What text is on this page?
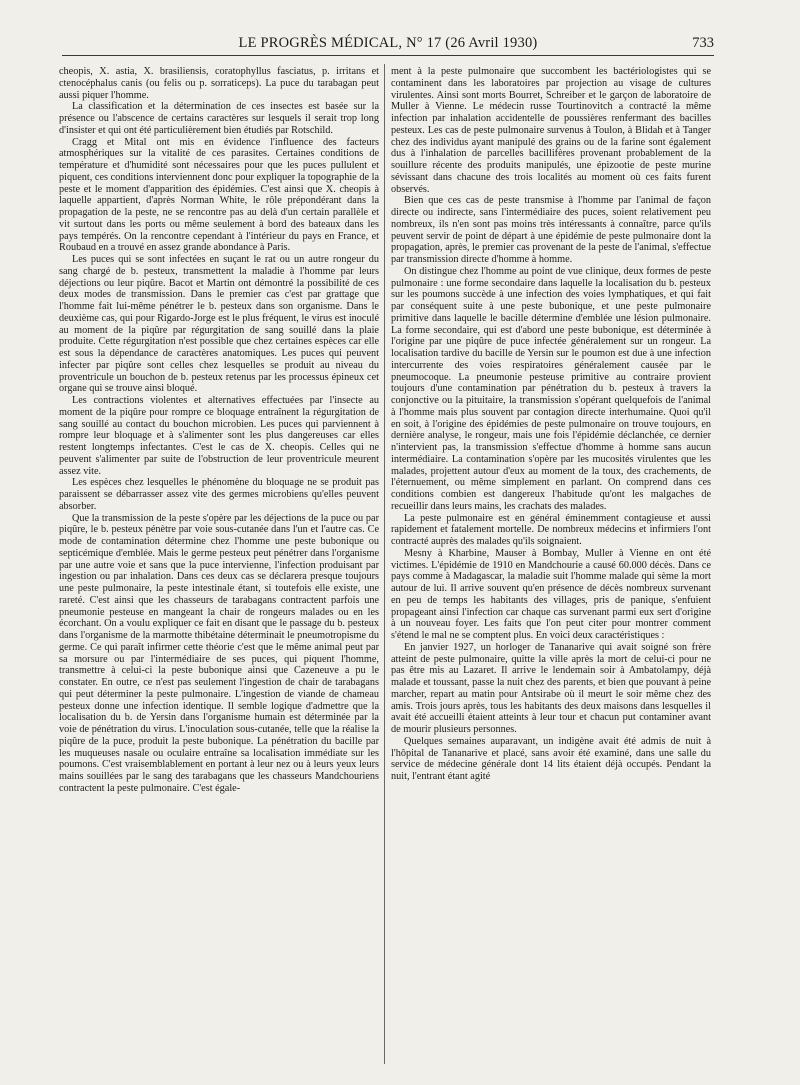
LE PROGRÈS MÉDICAL, N° 17 (26 Avril 1930)	733

cheopis, X. astia, X. brasiliensis, coratophyllus fasciatus, p. irritans et ctenocéphalus canis (ou felis ou p. sorraticeps). La puce du tarabagan peut aussi piquer l'homme.

La classification et la détermination de ces insectes est basée sur la présence ou l'abscence de certains caractères sur lesquels il serait trop long d'insister et qui ont été particulièrement bien étudiés par Rotschild.

Cragg et Mital ont mis en évidence l'influence des facteurs atmosphériques sur la vitalité de ces parasites. Certaines conditions de température et d'humidité sont nécessaires pour que les puces pullulent et piquent, ces conditions interviennent donc pour expliquer la topographie de la peste et le moment d'apparition des épidémies. C'est ainsi que X. cheopis à laquelle appartient, d'après Norman White, le rôle prépondérant dans la propagation de la peste, ne se rencontre pas au delà d'un certain parallèle et vit surtout dans les ports ou même seulement à bord des bateaux dans les pays tempérés. On la rencontre cependant à l'intérieur du pays en France, et Roubaud en a trouvé en assez grande abondance à Paris.

Les puces qui se sont infectées en suçant le rat ou un autre rongeur du sang chargé de b. pesteux, transmettent la maladie à l'homme par leurs déjections ou leur piqûre. Bacot et Martin ont démontré la possibilité de ces deux modes de transmission. Dans le premier cas c'est par grattage que l'homme fait lui-même pénétrer le b. pesteux dans son organisme. Dans le deuxième cas, qui pour Rigardo-Jorge est le plus fréquent, le virus est inoculé au moment de la piqûre par régurgitation de sang souillé dans la plaie produite. Cette régurgitation n'est possible que chez certaines espèces car elle est sous la dépendance de caractères anatomiques. Les puces qui peuvent infecter par piqûre sont celles chez lesquelles se produit au niveau du proventricule un bouchon de b. pesteux retenus par les processus épineux cet organe qui se trouve ainsi bloqué.

Les contractions violentes et alternatives effectuées par l'insecte au moment de la piqûre pour rompre ce bloquage entraînent la régurgitation de sang souillé au contact du bouchon microbien. Les puces qui parviennent à rompre leur bloquage et à s'alimenter sont les plus dangereuses car elles restent longtemps infectantes. C'est le cas de X. cheopis. Celles qui ne peuvent s'alimenter par suite de l'obstruction de leur proventricule meurent assez vite.

Les espèces chez lesquelles le phénomène du bloquage ne se produit pas paraissent se débarrasser assez vite des germes microbiens qu'elles peuvent absorber.

Que la transmission de la peste s'opère par les déjections de la puce ou par piqûre, le b. pesteux pénètre par voie sous-cutanée dans l'un et l'autre cas. Ce mode de contamination détermine chez l'homme une peste bubonique ou septicémique d'emblée. Mais le germe pesteux peut pénétrer dans l'organisme par une autre voie et sans que la puce intervienne, l'infection produisant par ingestion ou par inhalation. Dans ces deux cas se déclarera presque toujours une peste pulmonaire, la peste intestinale étant, si toutefois elle existe, une rareté. C'est ainsi que les chasseurs de tarabagans contractent parfois une pneumonie pesteuse en mangeant la chair de rongeurs malades ou en les écorchant. On a voulu expliquer ce fait en disant que le passage du b. pesteux dans l'organisme de la marmotte thibétaine déterminait le pneumotropisme du germe. Ce qui paraît infirmer cette théorie c'est que le même animal peut par sa morsure ou par l'intermédiaire de ses puces, qui piquent l'homme, transmettre à celui-ci la peste bubonique ainsi que Cazeneuve a pu le constater. En outre, ce n'est pas seulement l'ingestion de chair de tarabagans qui peut déterminer la peste pulmonaire. L'ingestion de viande de chameau pesteux donne une infection identique. Il semble logique d'admettre que la localisation du b. de Yersin dans l'organisme humain est déterminée par la voie de pénétration du virus. L'inoculation sous-cutanée, telle que la réalise la piqûre de la puce, produit la peste bubonique. La pénétration du bacille par les muqueuses nasale ou oculaire entraîne sa localisation immédiate sur les poumons. C'est vraisemblablement en portant à leur nez ou à leurs yeux leurs mains souillées par le sang des tarabagans que les chasseurs Mandchouriens contractent la peste pulmonaire. C'est égale-

ment à la peste pulmonaire que succombent les bactériologistes qui se contaminent dans les laboratoires par projection au visage de cultures virulentes. Ainsi sont morts Bourret, Schreiber et le garçon de laboratoire de Muller à Vienne. Le médecin russe Tourtinovitch a contracté la même infection par inhalation accidentelle de poussières renfermant des bacilles pesteux. Les cas de peste pulmonaire survenus à Toulon, à Blidah et à Tanger chez des individus ayant manipulé des grains ou de la farine sont également dus à l'inhalation de parcelles bacillifères provenant probablement de la souillure récente des produits manipulés, une épizootie de peste murine sévissant dans chacune des trois localités au moment où ces faits furent observés.

Bien que ces cas de peste transmise à l'homme par l'animal de façon directe ou indirecte, sans l'intermédiaire des puces, soient relativement peu nombreux, ils n'en sont pas moins très intéressants à connaître, parce qu'ils peuvent servir de point de départ à une épidémie de peste pulmonaire dont la propagation, après, le premier cas provenant de la peste de l'animal, s'effectue par transmission directe d'homme à homme.

On distingue chez l'homme au point de vue clinique, deux formes de peste pulmonaire : une forme secondaire dans laquelle la localisation du b. pesteux sur les poumons succède à une infection des voies lymphatiques, et qui fait par conséquent suite à une peste bubonique, et une peste pulmonaire primitive dans laquelle le bacille détermine d'emblée une lésion pulmonaire. La forme secondaire, qui est d'abord une peste bubonique, est déterminée à l'origine par une piqûre de puce infectée généralement sur un rongeur. La localisation tardive du bacille de Yersin sur le poumon est due à une infection intercurrente des voies respiratoires généralement causée par le pneumocoque. La pneumonie pesteuse primitive au contraire provient toujours d'une contamination par pénétration du b. pesteux à travers la conjonctive ou la pituitaire, la transmission s'opérant quelquefois de l'animal à l'homme mais plus souvent par contagion directe interhumaine. Quoi qu'il en soit, à l'origine des épidémies de peste pulmonaire on trouve toujours, en dernière analyse, le rongeur, mais une fois l'épidémie déclanchée, ce dernier n'intervient pas, la transmission s'effectue d'homme à homme sans aucun intermédiaire. La contamination s'opère par les mucosités virulentes que les malades, projettent autour d'eux au moment de la toux, des crachements, de l'éternuement, ou même simplement en parlant. On comprend dans ces conditions combien est dangereux l'habitude qu'ont les malgaches de recueillir dans leurs mains, les crachats des malades.

La peste pulmonaire est en général éminemment contagieuse et aussi rapidement et fatalement mortelle. De nombreux médecins et infirmiers l'ont contracté auprès des malades qu'ils soignaient.

Mesny à Kharbine, Mauser à Bombay, Muller à Vienne en ont été victimes. L'épidémie de 1910 en Mandchourie a causé 60.000 décès. Dans ce pays comme à Madagascar, la maladie suit l'homme malade qui sème la mort autour de lui. Il arrive souvent qu'en présence de décès nombreux survenant en peu de temps les habitants des villages, pris de panique, s'enfuient propageant ainsi l'infection car chaque cas survenant parmi eux sert d'origine à un nouveau foyer. Les faits que l'on peut citer pour montrer comment s'étend le mal ne se comptent plus. En voici deux caractéristiques :

En janvier 1927, un horloger de Tananarive qui avait soigné son frère atteint de peste pulmonaire, quitte la ville après la mort de celui-ci pour ne pas être mis au Lazaret. Il arrive le lendemain soir à Ambatolampy, déjà malade et toussant, passe la nuit chez des parents, et bien que pouvant à peine marcher, repart au matin pour Antsirabe où il meurt le soir même chez des amis. Trois jours après, tous les habitants des deux maisons dans lesquelles il avait été accueilli étaient atteints à leur tour et chacun put contaminer avant de mourir plusieurs personnes.

Quelques semaines auparavant, un indigène avait été admis de nuit à l'hôpital de Tananarive et placé, sans avoir été examiné, dans une salle du service de médecine générale dont 14 lits étaient déjà occupés. Pendant la nuit, l'entrant étant agité
